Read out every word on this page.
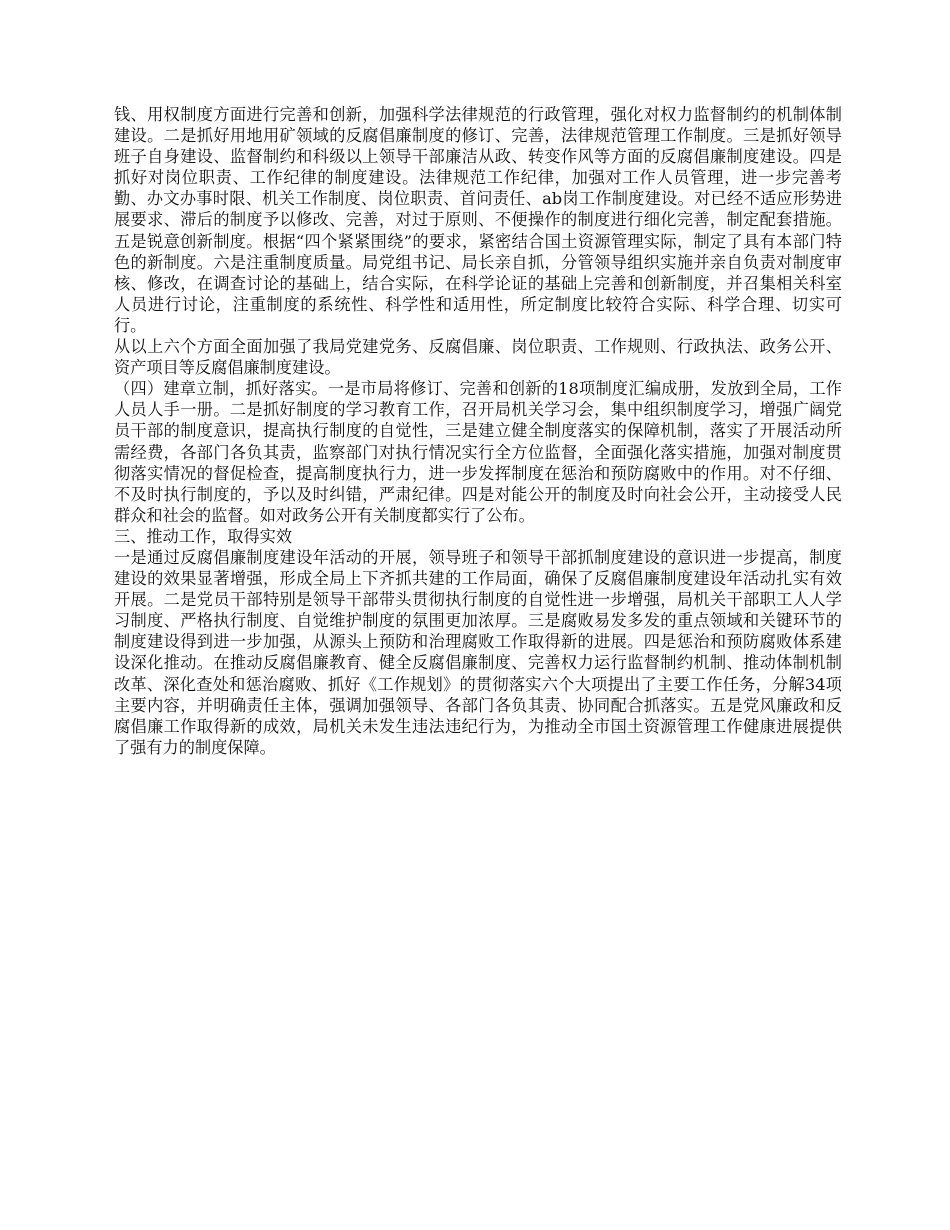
钱、用权制度方面进行完善和创新，加强科学法律规范的行政管理，强化对权力监督制约的机制体制建设。二是抓好用地用矿领域的反腐倡廉制度的修订、完善，法律规范管理工作制度。三是抓好领导班子自身建设、监督制约和科级以上领导干部廉洁从政、转变作风等方面的反腐倡廉制度建设。四是抓好对岗位职责、工作纪律的制度建设。法律规范工作纪律，加强对工作人员管理，进一步完善考勤、办文办事时限、机关工作制度、岗位职责、首问责任、ab岗工作制度建设。对已经不适应形势进展要求、滞后的制度予以修改、完善，对过于原则、不便操作的制度进行细化完善，制定配套措施。五是锐意创新制度。根据“四个紧紧围绕”的要求，紧密结合国土资源管理实际，制定了具有本部门特色的新制度。六是注重制度质量。局党组书记、局长亲自抓，分管领导组织实施并亲自负责对制度审核、修改，在调查讨论的基础上，结合实际，在科学论证的基础上完善和创新制度，并召集相关科室人员进行讨论，注重制度的系统性、科学性和适用性，所定制度比较符合实际、科学合理、切实可行。

从以上六个方面全面加强了我局党建党务、反腐倡廉、岗位职责、工作规则、行政执法、政务公开、资产项目等反腐倡廉制度建设。

（四）建章立制，抓好落实。一是市局将修订、完善和创新的18项制度汇编成册，发放到全局，工作人员人手一册。二是抓好制度的学习教育工作，召开局机关学习会，集中组织制度学习，增强广阔党员干部的制度意识，提高执行制度的自觉性，三是建立健全制度落实的保障机制，落实了开展活动所需经费，各部门各负其责，监察部门对执行情况实行全方位监督，全面强化落实措施，加强对制度贯彻落实情况的督促检查，提高制度执行力，进一步发挥制度在惩治和预防腐败中的作用。对不仔细、不及时执行制度的，予以及时纠错，严肃纪律。四是对能公开的制度及时向社会公开，主动接受人民群众和社会的监督。如对政务公开有关制度都实行了公布。

三、推动工作，取得实效

一是通过反腐倡廉制度建设年活动的开展，领导班子和领导干部抓制度建设的意识进一步提高，制度建设的效果显著增强，形成全局上下齐抓共建的工作局面，确保了反腐倡廉制度建设年活动扎实有效开展。二是党员干部特别是领导干部带头贯彻执行制度的自觉性进一步增强，局机关干部职工人人学习制度、严格执行制度、自觉维护制度的氛围更加浓厚。三是腐败易发多发的重点领域和关键环节的制度建设得到进一步加强，从源头上预防和治理腐败工作取得新的进展。四是惩治和预防腐败体系建设深化推动。在推动反腐倡廉教育、健全反腐倡廉制度、完善权力运行监督制约机制、推动体制机制改革、深化查处和惩治腐败、抓好《工作规划》的贯彻落实六个大项提出了主要工作任务，分解34项主要内容，并明确责任主体，强调加强领导、各部门各负其责、协同配合抓落实。五是党风廉政和反腐倡廉工作取得新的成效，局机关未发生违法违纪行为，为推动全市国土资源管理工作健康进展提供了强有力的制度保障。
